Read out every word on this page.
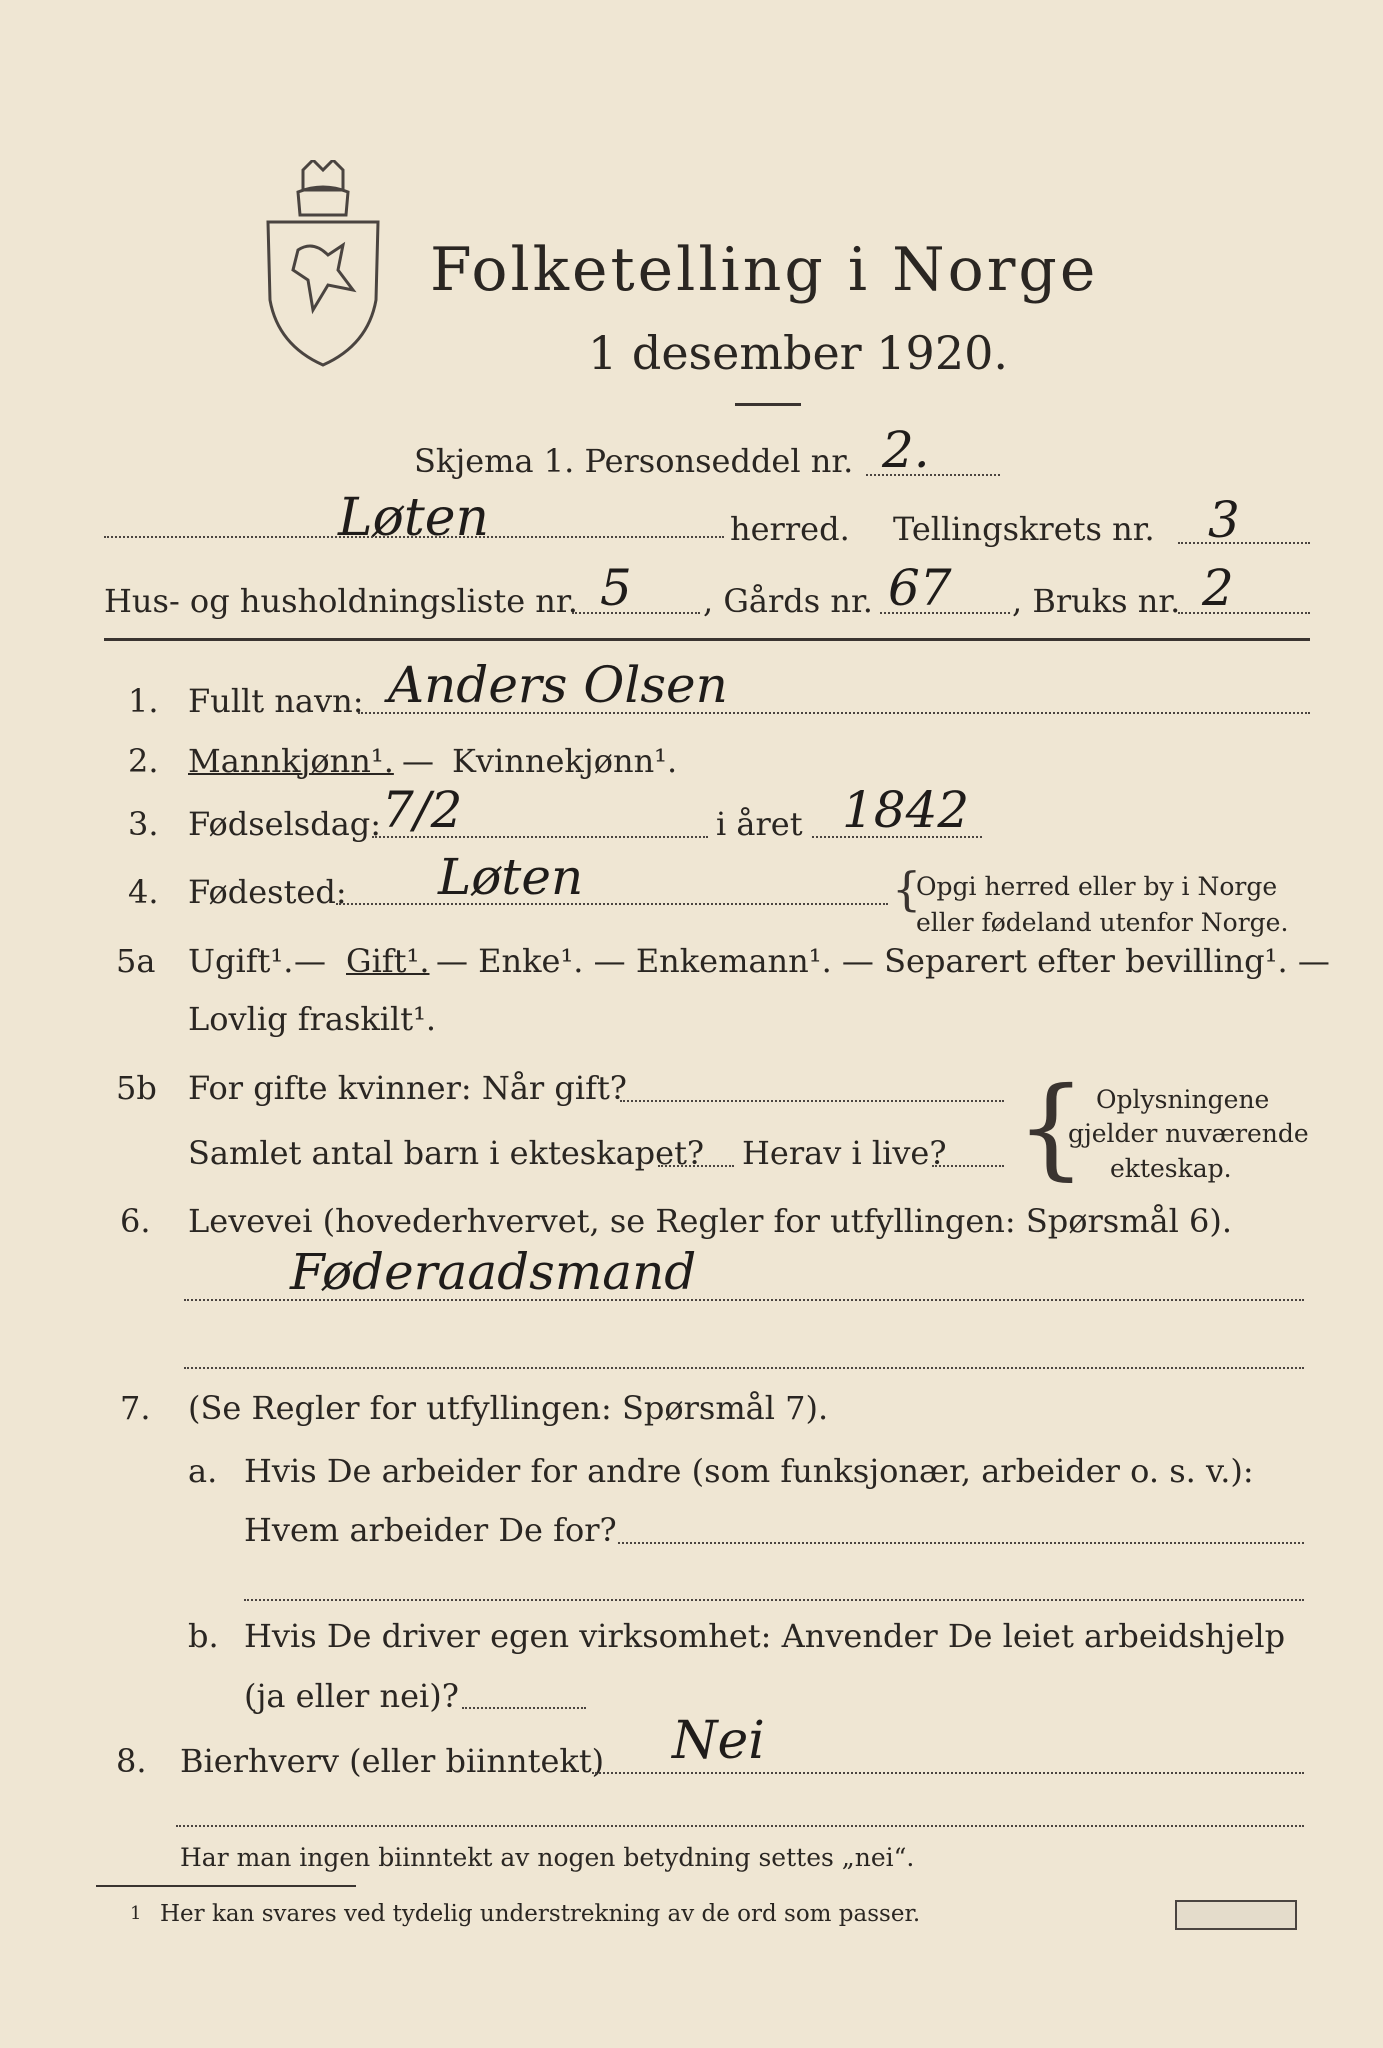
Folketelling i Norge
1 desember 1920.
Skjema 1. Personseddel nr. 2.
Løten	herred. Tellingskrets nr. 3
Hus- og husholdningsliste nr. 5 , Gårds nr. 67 , Bruks nr. 2
1. Fullt navn: Anders Olsen
2. Mannkjønn¹. — Kvinnekjønn¹.
3. Fødselsdag: 7/2	i året 1842
4. Fødested: Løten	{
Opgi herred eller by i Norge
eller fødeland utenfor Norge.
5a Ugift¹. — Gift¹. — Enke¹. — Enkemann¹. — Separert efter bevilling¹. —
Lovlig fraskilt¹.
5b For gifte kvinner: Når gift?
Samlet antal barn i ekteskapet? Herav i live? { Oplysningene
gjelder nuværende
ekteskap.
6. Levevei (hovederhvervet, se Regler for utfyllingen: Spørsmål 6).
Føderaadsmand
7. (Se Regler for utfyllingen: Spørsmål 7).
a. Hvis De arbeider for andre (som funksjonær, arbeider o. s. v.):
Hvem arbeider De for?
b. Hvis De driver egen virksomhet: Anvender De leiet arbeidshjelp
(ja eller nei)?
8. Bierhverv (eller biinntekt) Nei
Har man ingen biinntekt av nogen betydning settes „nei“.
1 Her kan svares ved tydelig understrekning av de ord som passer.
